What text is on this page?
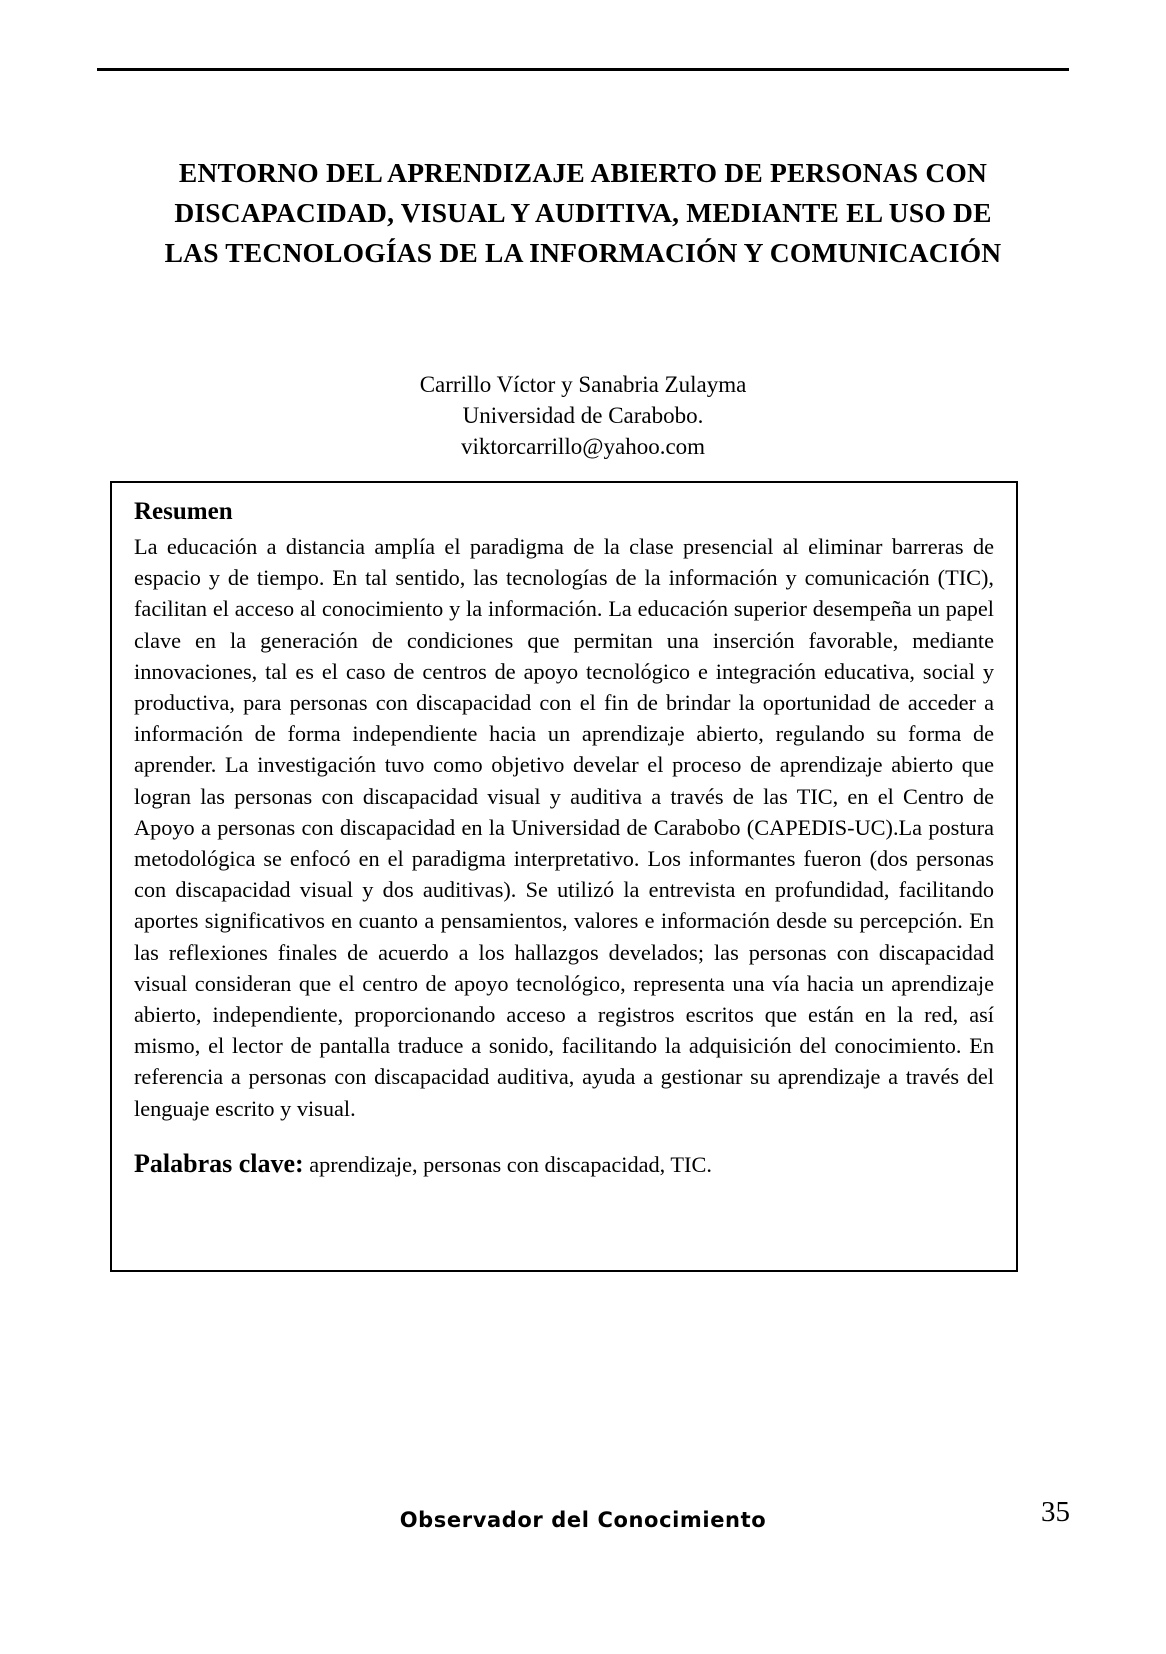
ENTORNO DEL APRENDIZAJE ABIERTO DE PERSONAS CON DISCAPACIDAD, VISUAL Y AUDITIVA, MEDIANTE EL USO DE LAS TECNOLOGÍAS DE LA INFORMACIÓN Y COMUNICACIÓN
Carrillo Víctor y Sanabria Zulayma
Universidad de Carabobo.
viktorcarrillo@yahoo.com
Resumen

La educación a distancia amplía el paradigma de la clase presencial al eliminar barreras de espacio y de tiempo. En tal sentido, las tecnologías de la información y comunicación (TIC), facilitan el acceso al conocimiento y la información. La educación superior desempeña un papel clave en la generación de condiciones que permitan una inserción favorable, mediante innovaciones, tal es el caso de centros de apoyo tecnológico e integración educativa, social y productiva, para personas con discapacidad con el fin de brindar la oportunidad de acceder a información de forma independiente hacia un aprendizaje abierto, regulando su forma de aprender. La investigación tuvo como objetivo develar el proceso de aprendizaje abierto que logran las personas con discapacidad visual y auditiva a través de las TIC, en el Centro de Apoyo a personas con discapacidad en la Universidad de Carabobo (CAPEDIS-UC).La postura metodológica se enfocó en el paradigma interpretativo. Los informantes fueron (dos personas con discapacidad visual y dos auditivas). Se utilizó la entrevista en profundidad, facilitando aportes significativos en cuanto a pensamientos, valores e información desde su percepción. En las reflexiones finales de acuerdo a los hallazgos develados; las personas con discapacidad visual consideran que el centro de apoyo tecnológico, representa una vía hacia un aprendizaje abierto, independiente, proporcionando acceso a registros escritos que están en la red, así mismo, el lector de pantalla traduce a sonido, facilitando la adquisición del conocimiento. En referencia a personas con discapacidad auditiva, ayuda a gestionar su aprendizaje a través del lenguaje escrito y visual.

Palabras clave: aprendizaje, personas con discapacidad, TIC.
Observador del Conocimiento	35
